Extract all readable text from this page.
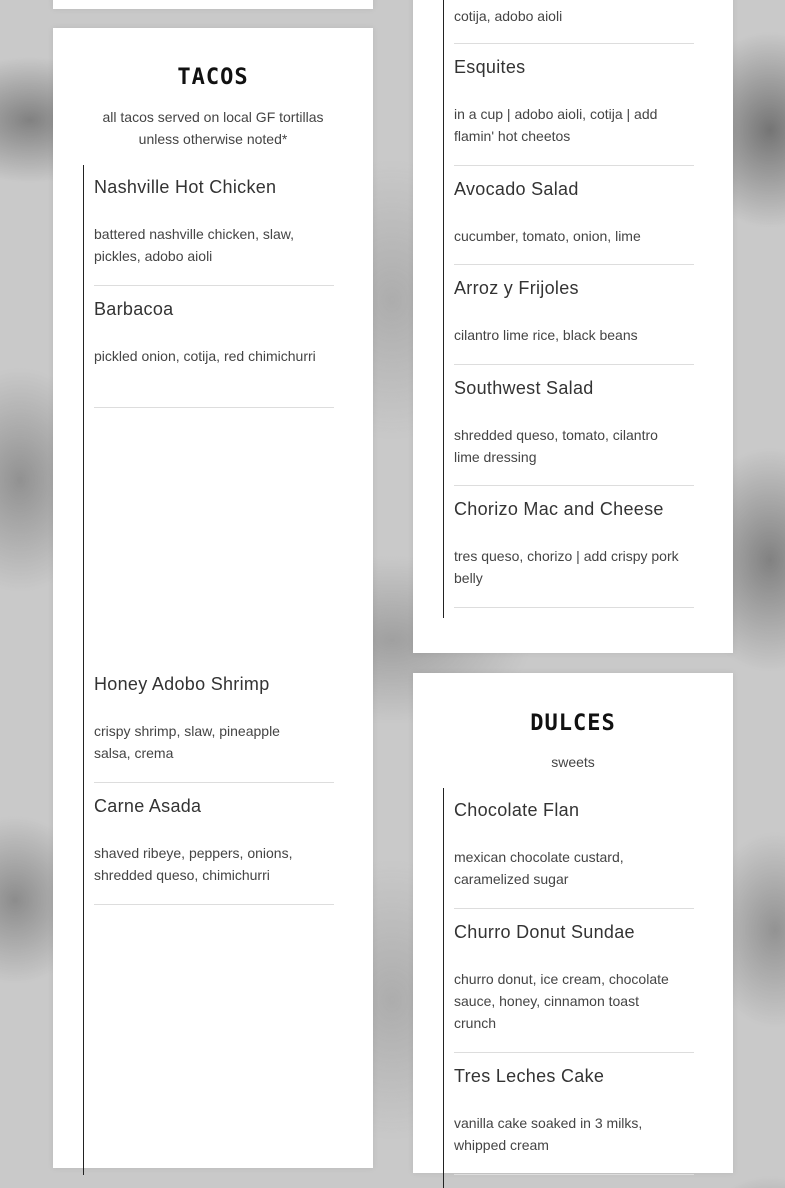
TACOS
all tacos served on local GF tortillas unless otherwise noted*
Nashville Hot Chicken
battered nashville chicken, slaw, pickles, adobo aioli
Barbacoa
pickled onion, cotija, red chimichurri
Honey Adobo Shrimp
crispy shrimp, slaw, pineapple salsa, crema
Carne Asada
shaved ribeye, peppers, onions, shredded queso, chimichurri
cotija, adobo aioli
Esquites
in a cup | adobo aioli, cotija | add flamin' hot cheetos
Avocado Salad
cucumber, tomato, onion, lime
Arroz y Frijoles
cilantro lime rice, black beans
Southwest Salad
shredded queso, tomato, cilantro lime dressing
Chorizo Mac and Cheese
tres queso, chorizo | add crispy pork belly
DULCES
sweets
Chocolate Flan
mexican chocolate custard, caramelized sugar
Churro Donut Sundae
churro donut, ice cream, chocolate sauce, honey, cinnamon toast crunch
Tres Leches Cake
vanilla cake soaked in 3 milks, whipped cream
